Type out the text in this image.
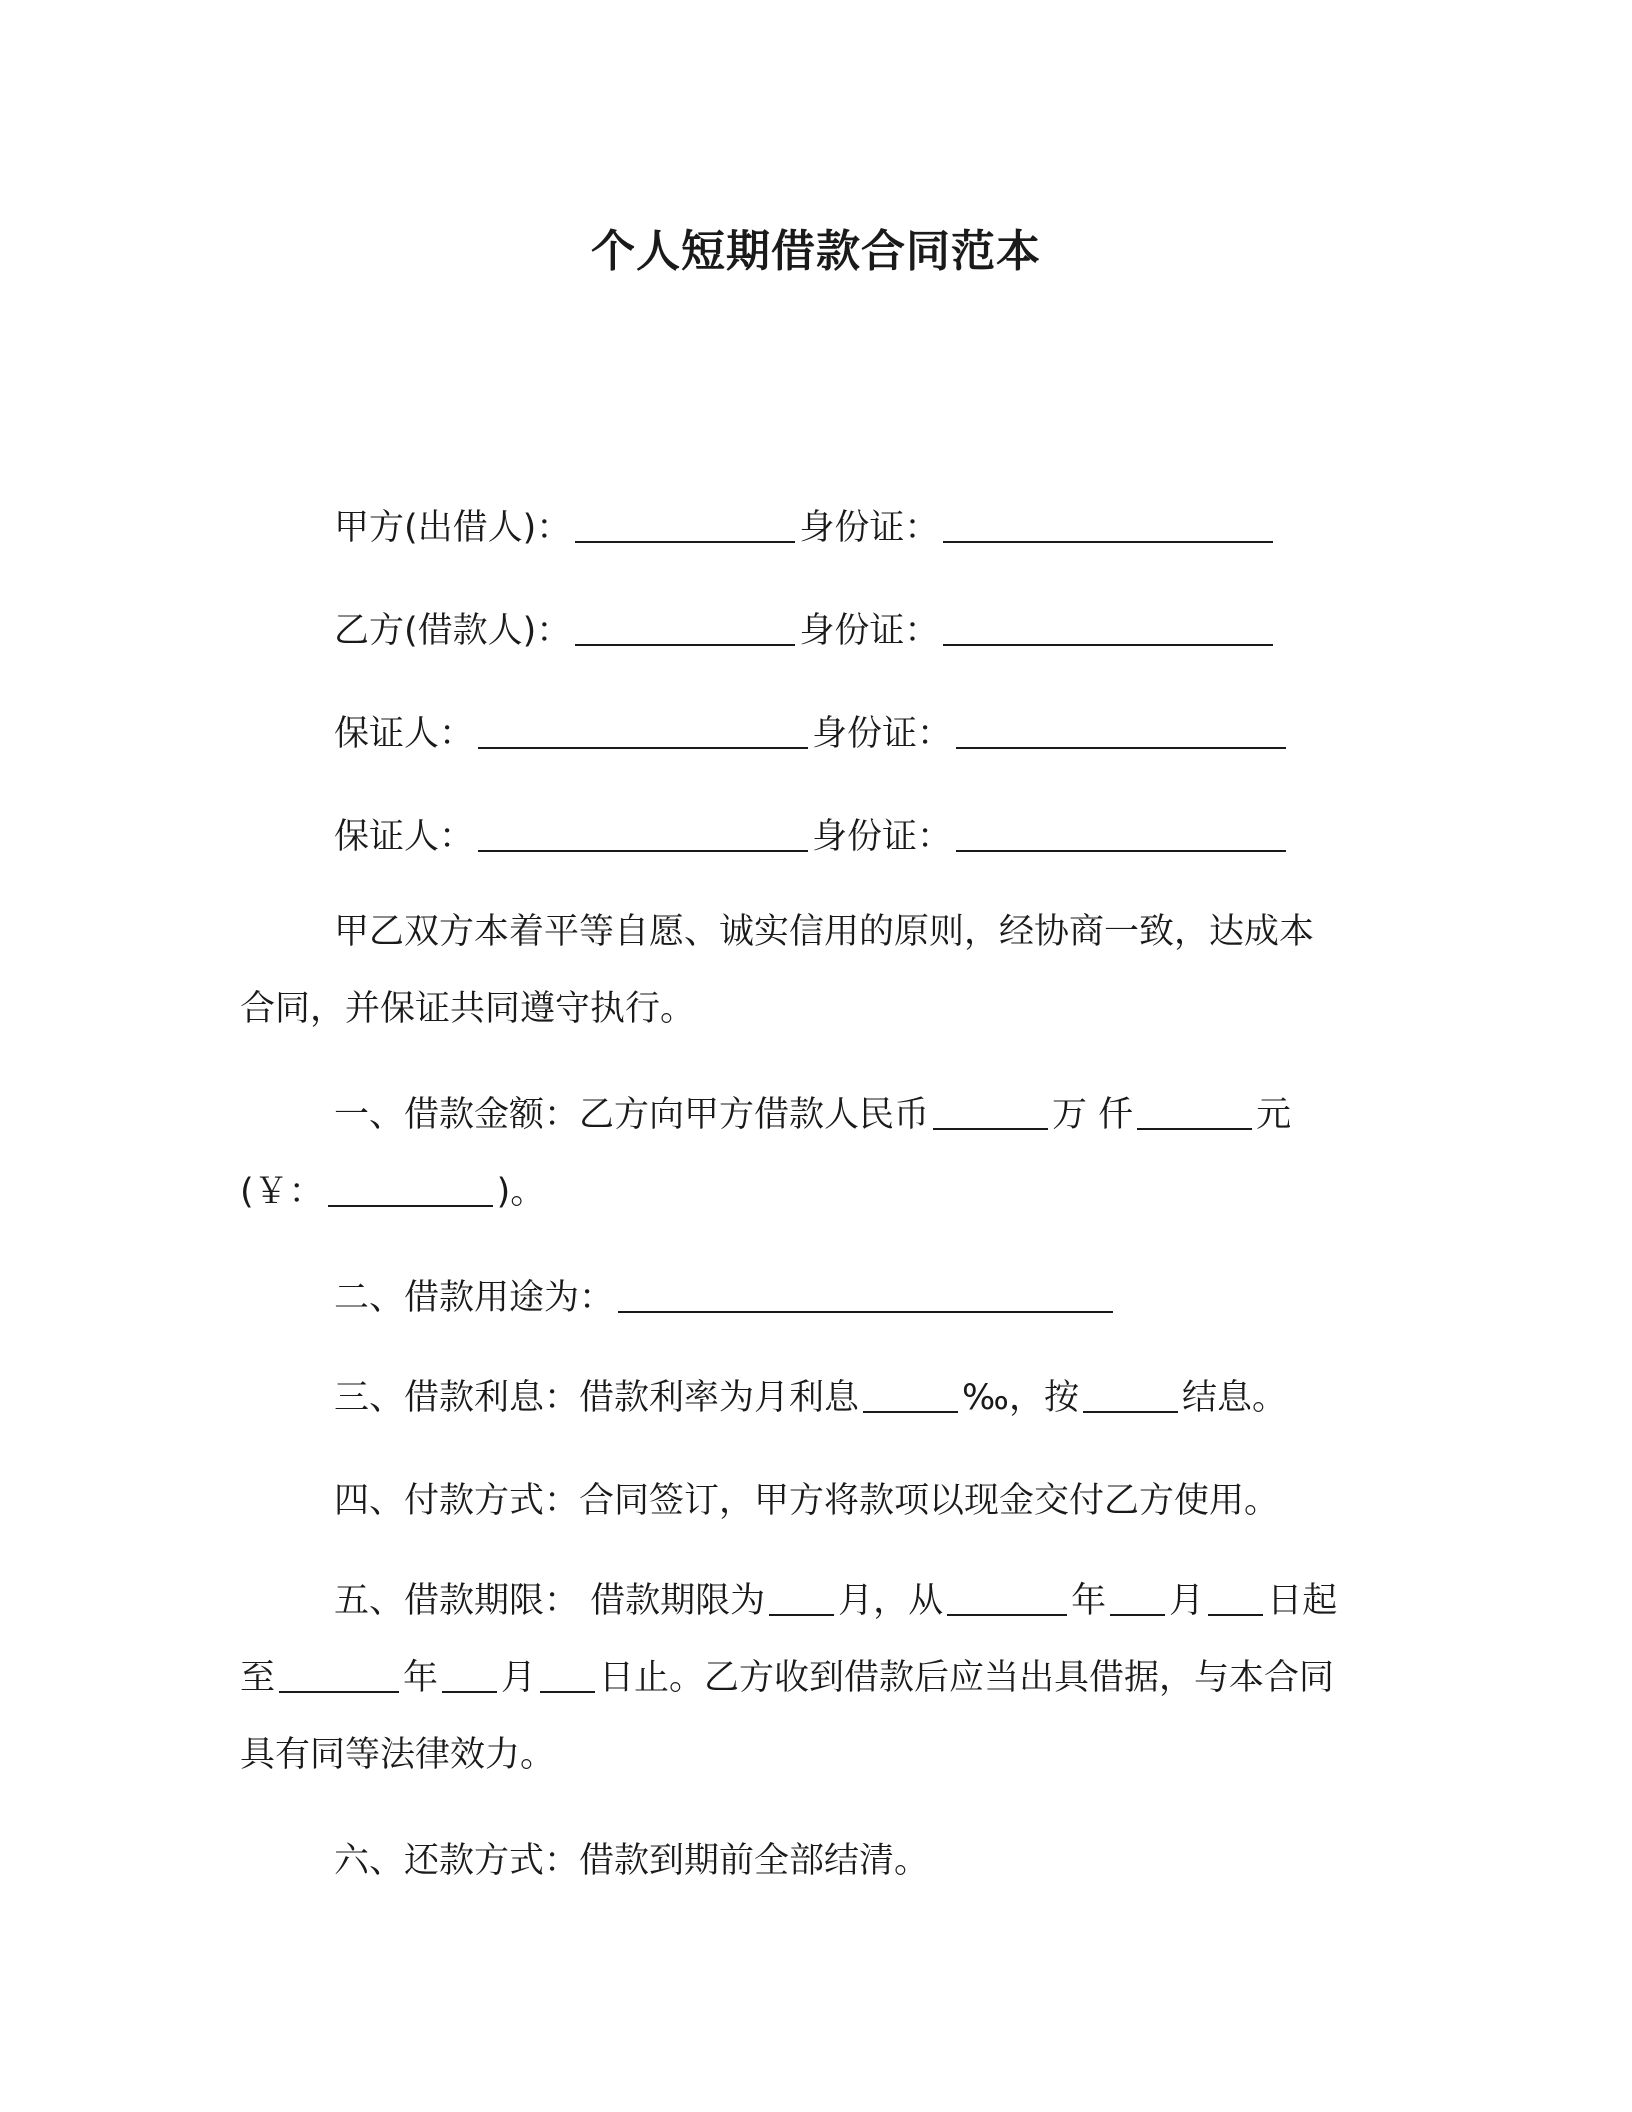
个人短期借款合同范本
甲方(出借人)：	身份证：
乙方(借款人)：	身份证：
保证人：	身份证：
保证人：	身份证：
甲乙双方本着平等自愿、诚实信用的原则，经协商一致，达成本
合同，并保证共同遵守执行。
一、借款金额：乙方向甲方借款人民币	万 仟	元
(￥：	)。
二、借款用途为：
三、借款利息：借款利率为月利息	‰，按	结息。
四、付款方式：合同签订，甲方将款项以现金交付乙方使用。
五、借款期限： 借款期限为 月，从	年 月 日起
至	年 月 日止。乙方收到借款后应当出具借据，与本合同
具有同等法律效力。
六、还款方式：借款到期前全部结清。
